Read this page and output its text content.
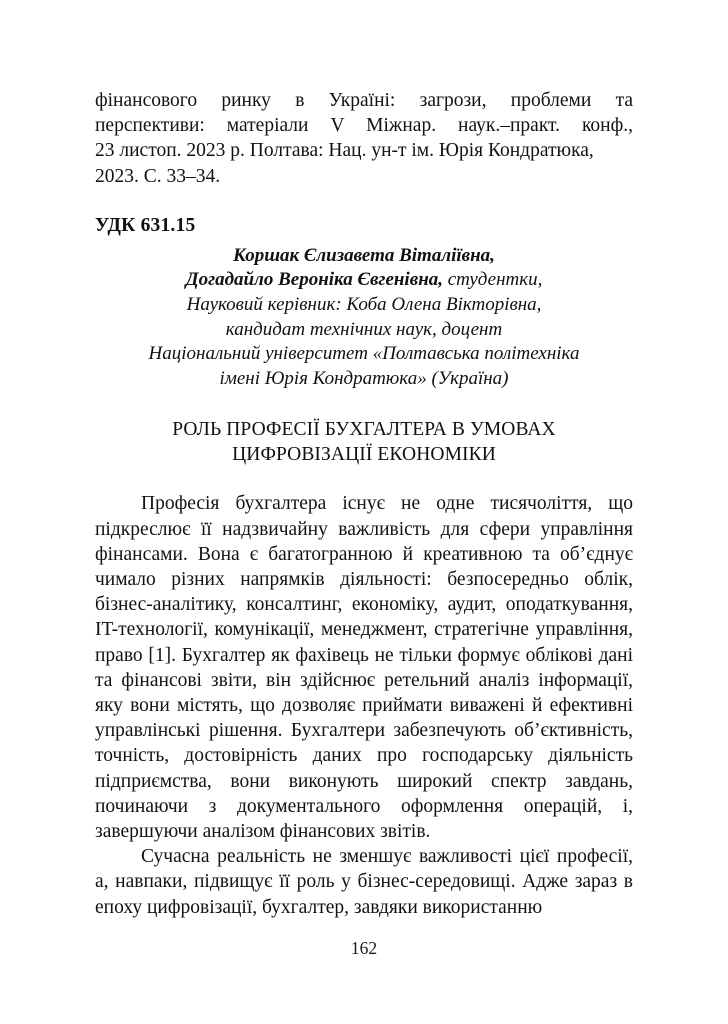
фінансового ринку в Україні: загрози, проблеми та

перспективи: матеріали V Міжнар. наук.–практ. конф.,

23 листоп. 2023 р. Полтава: Нац. ун-т ім. Юрія Кондратюка,

2023. С. 33–34.

УДК 631.15
Коршак Єлизавета Віталіївна,
Догадайло Вероніка Євгенівна, студентки,
Науковий керівник: Коба Олена Вікторівна,
кандидат технічних наук, доцент
Національний університет «Полтавська політехніка
імені Юрія Кондратюка» (Україна)
РОЛЬ ПРОФЕСІЇ БУХГАЛТЕРА В УМОВАХ
ЦИФРОВІЗАЦІЇ ЕКОНОМІКИ

Професія бухгалтера існує не одне тисячоліття, що підкреслює її надзвичайну важливість для сфери управління фінансами. Вона є багатогранною й креативною та об’єднує чимало різних напрямків діяльності: безпосередньо облік, бізнес-аналітику, консалтинг, економіку, аудит, оподаткування, IT-технології, комунікації, менеджмент, стратегічне управління, право [1]. Бухгалтер як фахівець не тільки формує облікові дані та фінансові звіти, він здійснює ретельний аналіз інформації, яку вони містять, що дозволяє приймати виважені й ефективні управлінські рішення. Бухгалтери забезпечують об’єктивність, точність, достовірність даних про господарську діяльність підприємства, вони виконують широкий спектр завдань, починаючи з документального оформлення операцій, і, завершуючи аналізом фінансових звітів.

Сучасна реальність не зменшує важливості цієї професії, а, навпаки, підвищує її роль у бізнес-середовищі. Адже зараз в епоху цифровізації, бухгалтер, завдяки використанню

162
